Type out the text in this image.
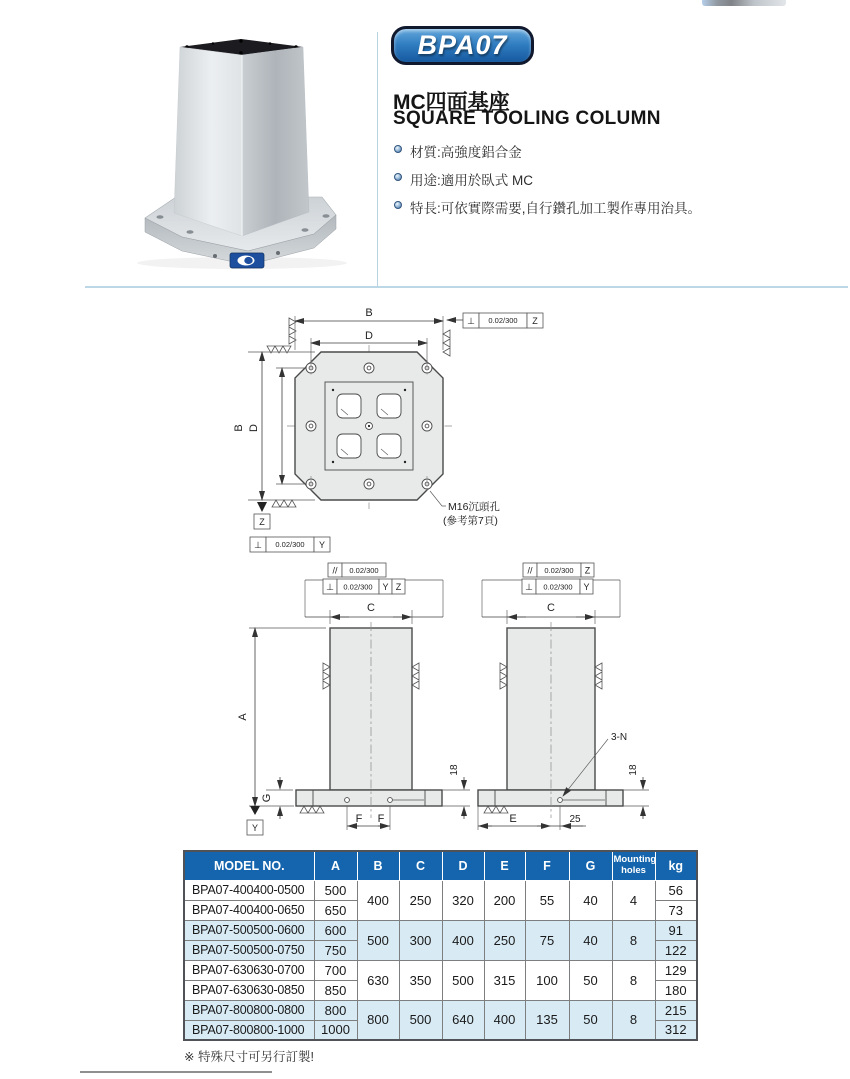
BPA07
MC四面基座
SQUARE TOOLING COLUMN
材質:高強度鋁合金
用途:適用於臥式 MC
特長:可依實際需要,自行鑽孔加工製作專用治具。
B
D
B D
Z
⊥ 0.02/300 Y
⊥ 0.02/300 Z
M16沉頭孔
(參考第7頁)
// 0.02/300
⊥ 0.02/300 Y Z
C
A
Y
G
F F
18
// 0.02/300 Z
⊥ 0.02/300 Y
C
3-N
E	25
18
MODEL NO.	A	B	C	D	E	F	G	Mounting holes	kg
BPA07-400400-0500	500	400	250	320	200	55	40	4	56
BPA07-400400-0650	650								73
BPA07-500500-0600	600	500	300	400	250	75	40	8	91
BPA07-500500-0750	750								122
BPA07-630630-0700	700	630	350	500	315	100	50	8	129
BPA07-630630-0850	850								180
BPA07-800800-0800	800	800	500	640	400	135	50	8	215
BPA07-800800-1000	1000								312
※ 特殊尺寸可另行訂製!
